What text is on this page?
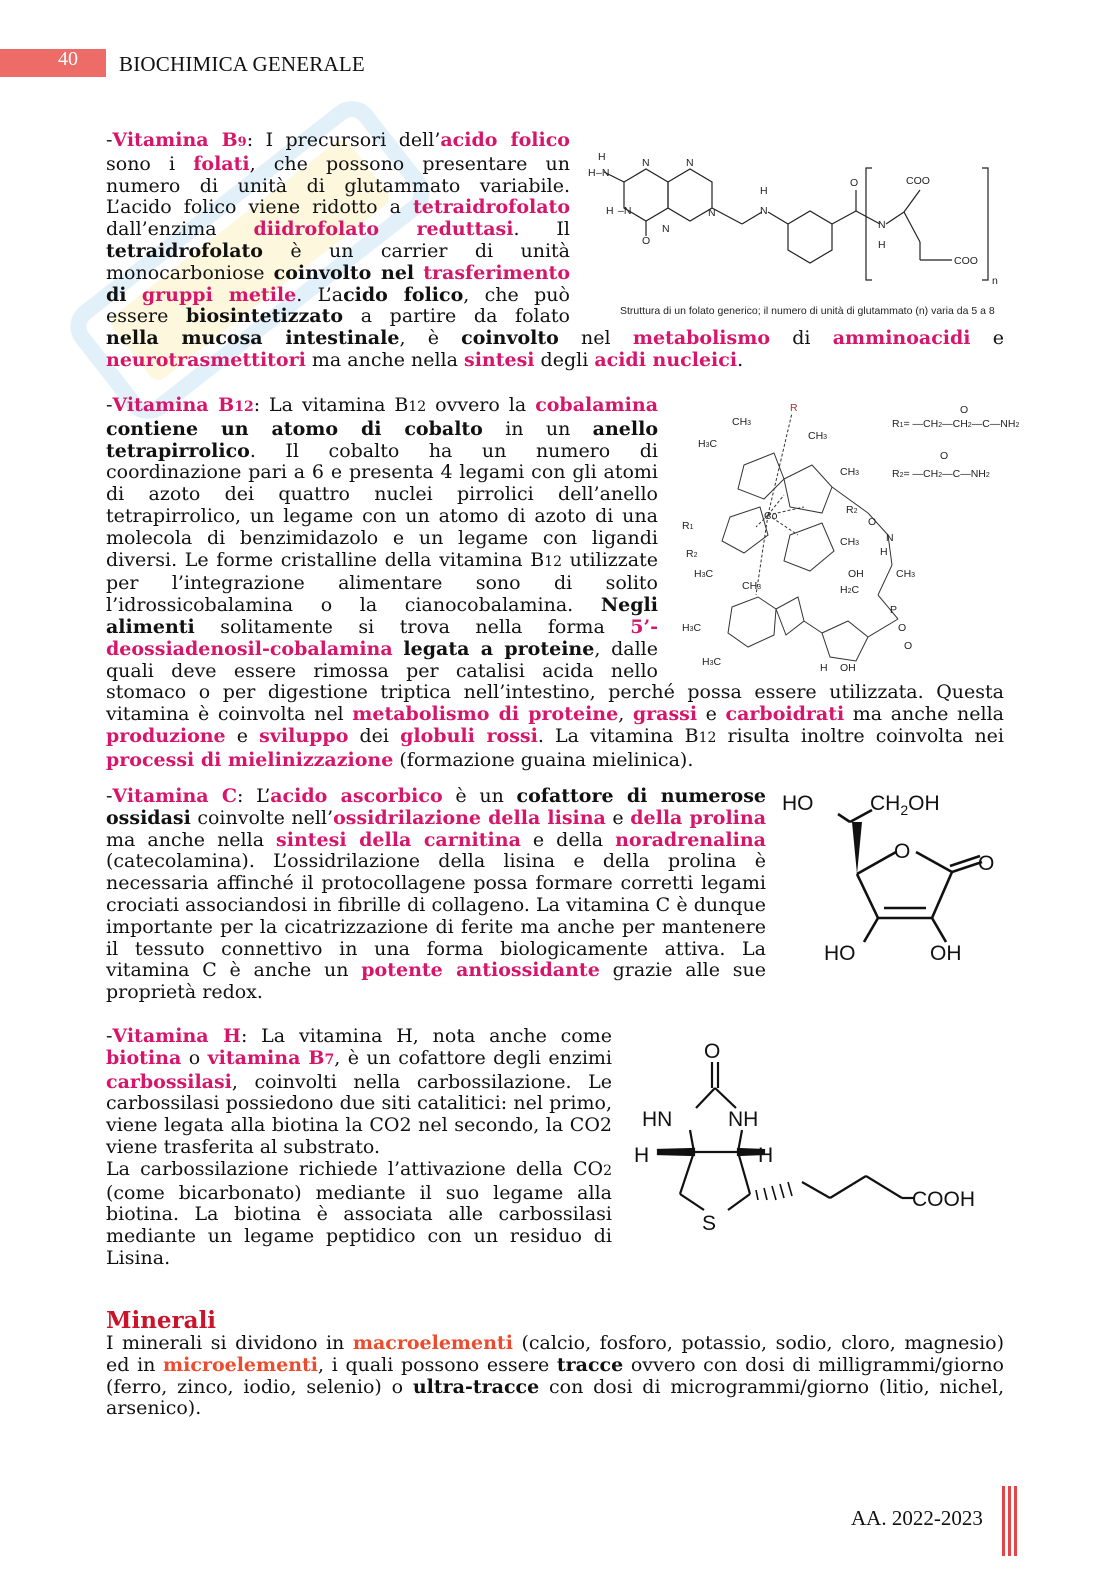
40	BIOCHIMICA GENERALE
H
H –N
N	N
H –N
O
N
N
H
N
O
N
H
COO
COO
n
Struttura di un folato generico; il numero di unità di glutammato (n) varia da 5 a 8

-Vitamina B9: I precursori dell’acido folico sono i folati, che possono presentare un numero di unità di glutammato variabile. L’acido folico viene ridotto a tetraidrofolato dall’enzima diidrofolato reduttasi. Il tetraidrofolato è un carrier di unità monocarboniose coinvolto nel trasferimento di gruppi metile. L’acido folico, che può essere biosintetizzato a partire da folato nella mucosa intestinale, è coinvolto nel metabolismo di amminoacidi e neurotrasmettitori ma anche nella sintesi degli acidi nucleici.

CH3
H3C
CH3
CH3
Co
R
R1
R2
H3C
CH3
R2
O
N
H
CH3
OH
H2C
O
P
O
H OH
H3C
H3C
CH3
R1= —CH2—CH2—C—NH2
O
R2= —CH2—C—NH2
O

-Vitamina B12: La vitamina B12 ovvero la cobalamina contiene un atomo di cobalto in un anello tetrapirrolico. Il cobalto ha un numero di coordinazione pari a 6 e presenta 4 legami con gli atomi di azoto dei quattro nuclei pirrolici dell’anello tetrapirrolico, un legame con un atomo di azoto di una molecola di benzimidazolo e un legame con ligandi diversi. Le forme cristalline della vitamina B12 utilizzate per l’integrazione alimentare sono di solito l’idrossicobalamina o la cianocobalamina. Negli alimenti solitamente si trova nella forma 5’-deossiadenosil-cobalamina legata a proteine, dalle quali deve essere rimossa per catalisi acida nello stomaco o per digestione triptica nell’intestino, perché possa essere utilizzata. Questa vitamina è coinvolta nel metabolismo di proteine, grassi e carboidrati ma anche nella produzione e sviluppo dei globuli rossi. La vitamina B12 risulta inoltre coinvolta nei processi di mielinizzazione (formazione guaina mielinica).

HO	$CH_2OH$
O
O
HO	OH

-Vitamina C: L’acido ascorbico è un cofattore di numerose ossidasi coinvolte nell’ossidrilazione della lisina e della prolina ma anche nella sintesi della carnitina e della noradrenalina (catecolamina). L’ossidrilazione della lisina e della prolina è necessaria affinché il protocollagene possa formare corretti legami crociati associandosi in fibrille di collageno. La vitamina C è dunque importante per la cicatrizzazione di ferite ma anche per mantenere il tessuto connettivo in una forma biologicamente attiva. La vitamina C è anche un potente antiossidante grazie alle sue proprietà redox.

O
HN	NH
H	H
S
COOH

-Vitamina H: La vitamina H, nota anche come biotina o vitamina B7, è un cofattore degli enzimi carbossilasi, coinvolti nella carbossilazione. Le carbossilasi possiedono due siti catalitici: nel primo, viene legata alla biotina la CO2 nel secondo, la CO2 viene trasferita al substrato.

La carbossilazione richiede l’attivazione della CO2 (come bicarbonato) mediante il suo legame alla biotina. La biotina è associata alle carbossilasi mediante un legame peptidico con un residuo di Lisina.

Minerali

I minerali si dividono in macroelementi (calcio, fosforo, potassio, sodio, cloro, magnesio) ed in microelementi, i quali possono essere tracce ovvero con dosi di milligrammi/giorno (ferro, zinco, iodio, selenio) o ultra-tracce con dosi di microgrammi/giorno (litio, nichel, arsenico).

AA. 2022-2023
